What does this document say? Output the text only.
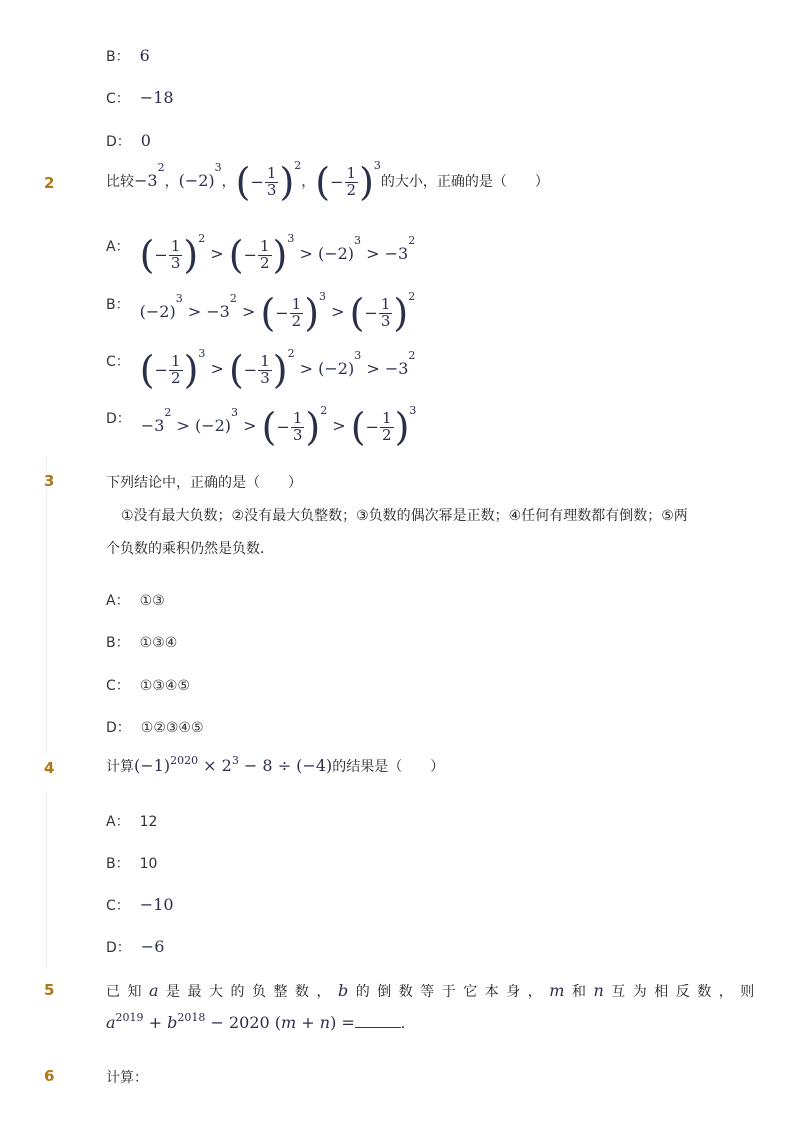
B： 6
C： −18
D： 0
2	比较$-3^2$，$(-2)^3$，(− $\frac{1}{3} )^2$，(− $\frac{1}{2} )^3$的大小，正确的是（　　）
A： (− $\frac{1}{3} )^2$ > (− $\frac{1}{2} )^3 > (-2)^3 > -3^2$
B： $(-2)^3 > -3^2$ > (− $\frac{1}{2} )^3$ > (− $\frac{1}{3} )^2$
C： (− $\frac{1}{2} )^3$ > (− $\frac{1}{3} )^2 > (-2)^3 > -3^2$
D： $-3^2 > (-2)^3$ > (− $\frac{1}{3} )^2$ > (− $\frac{1}{2} )^3$
3	下列结论中，正确的是（　　）
①没有最大负数；②没有最大负整数；③负数的偶次幂是正数；④任何有理数都有倒数；⑤两
个负数的乘积仍然是负数．
A： ①③
B： ①③④
C： ①③④⑤
D： ①②③④⑤
4	计算$(-1)^{2020} \times 2^3 - 8 \div (-4)$的结果是（　　）
A： 12
B： 10
C： −10
D： −6
5	已知a是最大的负整数，b的倒数等于它本身，m和n互为相反数，则
$a^{2019} + b^{2018} - 2020$ (m + n) =	．
6	计算：
